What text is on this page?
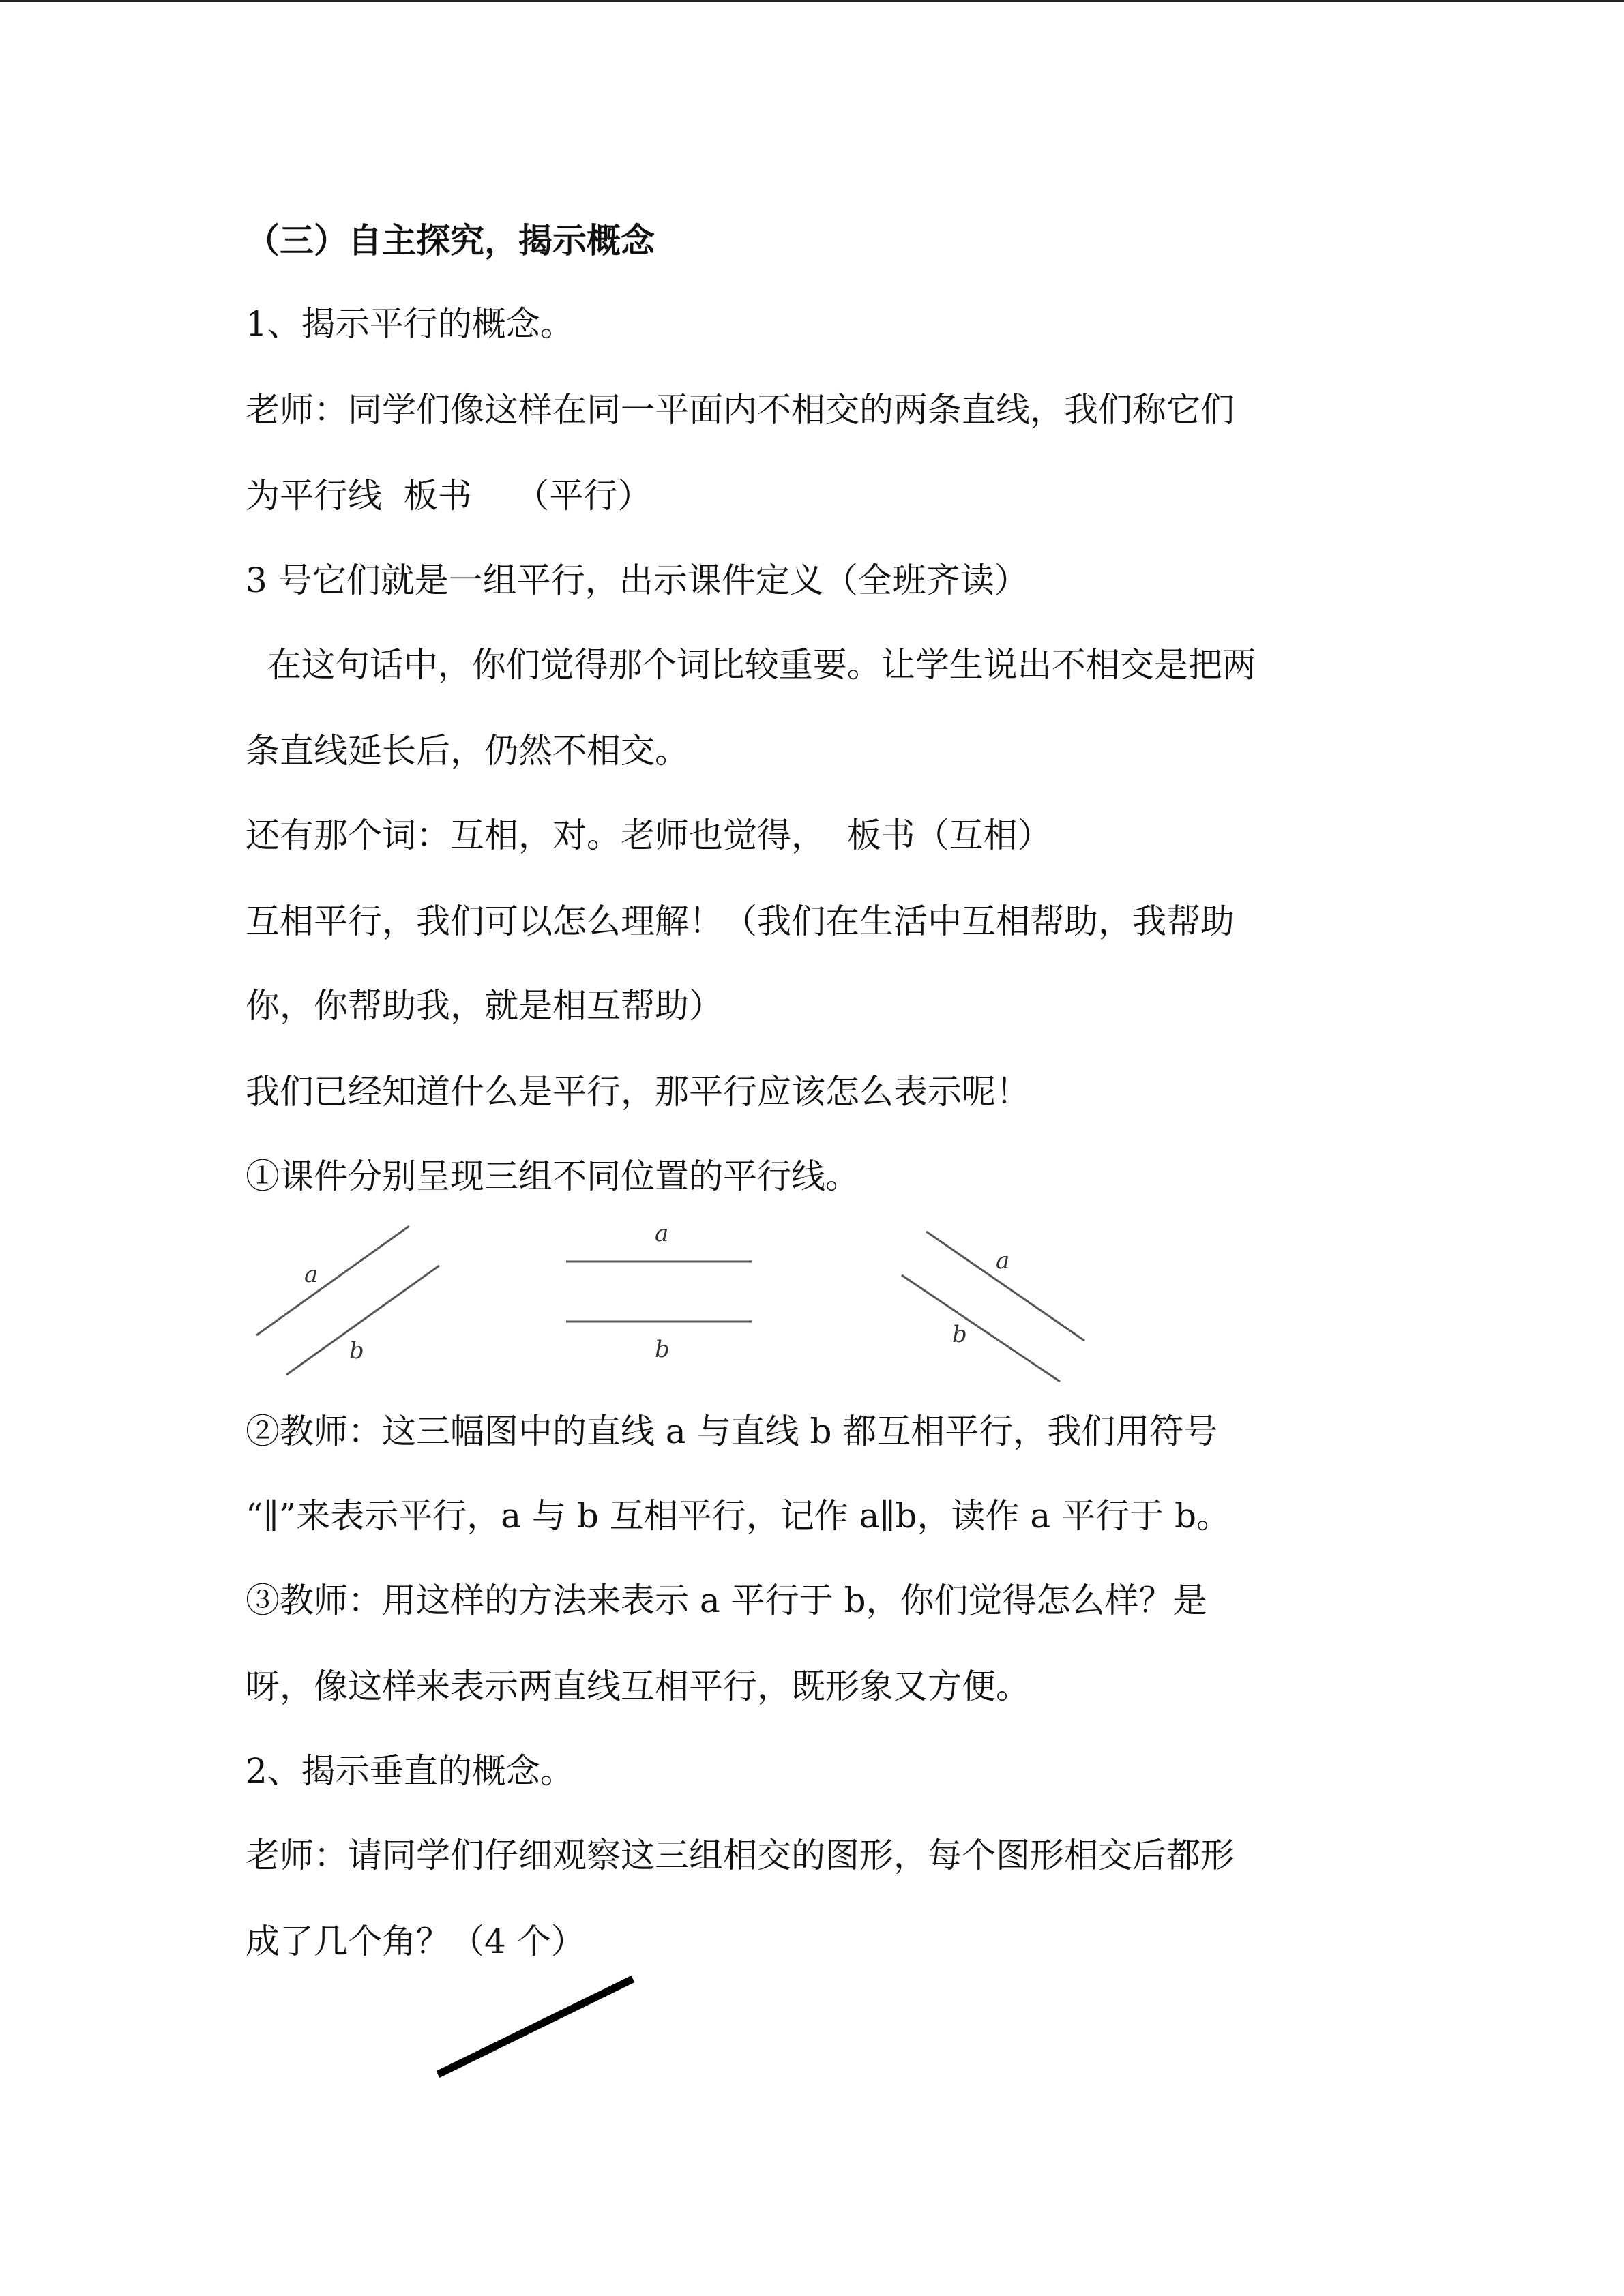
（三）自主探究，揭示概念
1、揭示平行的概念。
老师：同学们像这样在同一平面内不相交的两条直线，我们称它们
为平行线  板书    （平行）
3 号它们就是一组平行，出示课件定义（全班齐读）
在这句话中，你们觉得那个词比较重要。让学生说出不相交是把两
条直线延长后，仍然不相交。
还有那个词：互相，对。老师也觉得，  板书（互相）
互相平行，我们可以怎么理解！（我们在生活中互相帮助，我帮助
你，你帮助我，就是相互帮助）
我们已经知道什么是平行，那平行应该怎么表示呢！
①课件分别呈现三组不同位置的平行线。
a
b
a
b
a
b
②教师：这三幅图中的直线 a 与直线 b 都互相平行，我们用符号
“∥”来表示平行，a 与 b 互相平行，记作 a∥b，读作 a 平行于 b。
③教师：用这样的方法来表示 a 平行于 b，你们觉得怎么样？是
呀，像这样来表示两直线互相平行，既形象又方便。
2、揭示垂直的概念。
老师：请同学们仔细观察这三组相交的图形，每个图形相交后都形
成了几个角？（4 个）
